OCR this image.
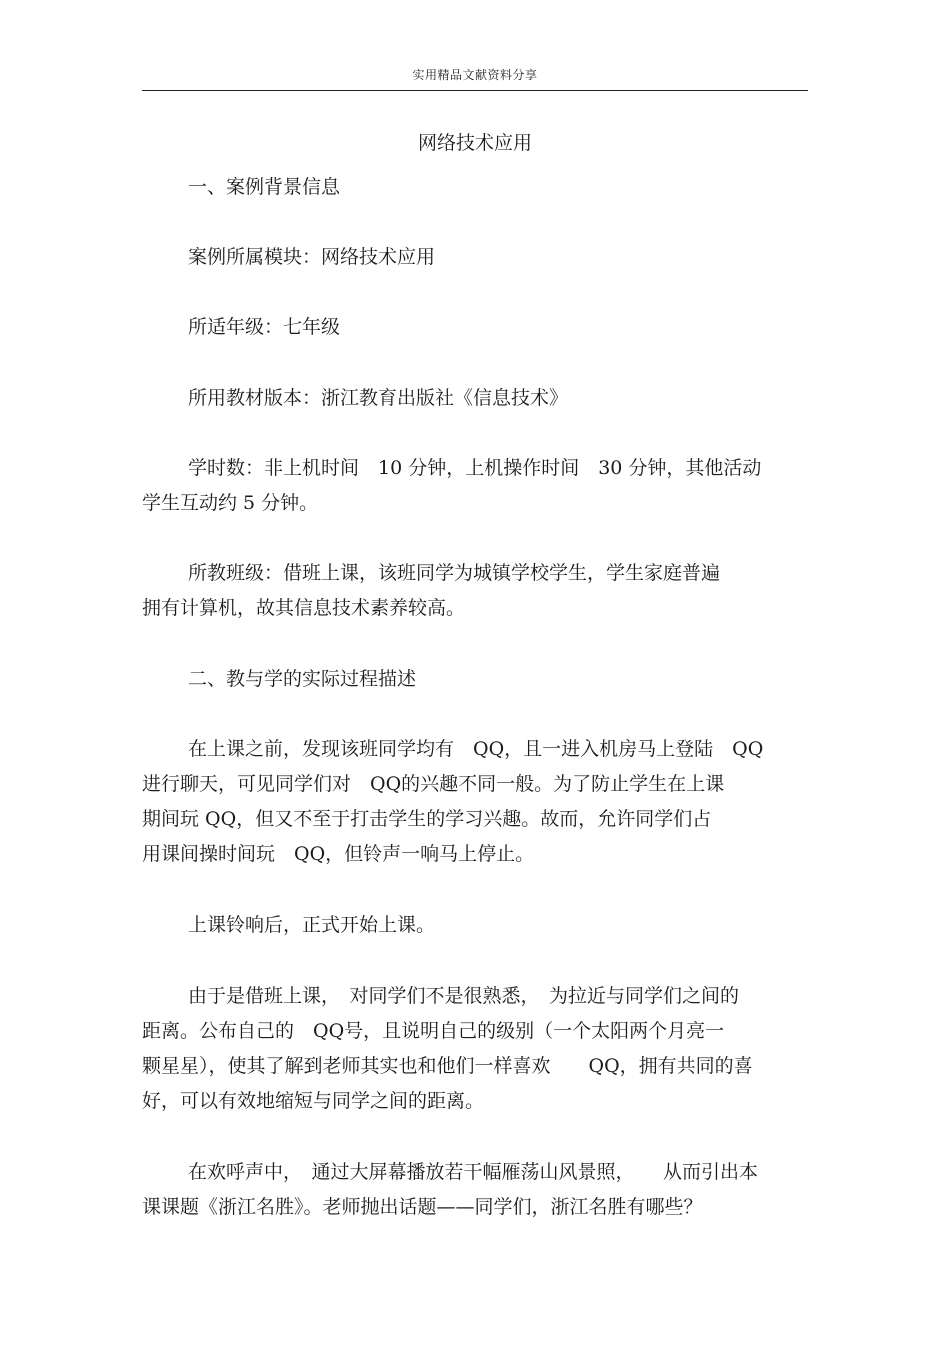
实用精品文献资料分享
网络技术应用

一、案例背景信息

案例所属模块：网络技术应用

所适年级：七年级

所用教材版本：浙江教育出版社《信息技术》

学时数：非上机时间　10 分钟，上机操作时间　30 分钟，其他活动
学生互动约 5 分钟。

所教班级：借班上课，该班同学为城镇学校学生，学生家庭普遍
拥有计算机，故其信息技术素养较高。

二、教与学的实际过程描述

在上课之前，发现该班同学均有　QQ，且一进入机房马上登陆　QQ
进行聊天，可见同学们对　QQ的兴趣不同一般。为了防止学生在上课
期间玩 QQ，但又不至于打击学生的学习兴趣。故而，允许同学们占
用课间操时间玩　QQ，但铃声一响马上停止。

上课铃响后，正式开始上课。

由于是借班上课，　对同学们不是很熟悉，　为拉近与同学们之间的
距离。公布自己的　QQ号，且说明自己的级别（一个太阳两个月亮一
颗星星），使其了解到老师其实也和他们一样喜欢　　QQ，拥有共同的喜
好，可以有效地缩短与同学之间的距离。

在欢呼声中，　通过大屏幕播放若干幅雁荡山风景照，　　从而引出本
课课题《浙江名胜》。老师抛出话题——同学们，浙江名胜有哪些？
